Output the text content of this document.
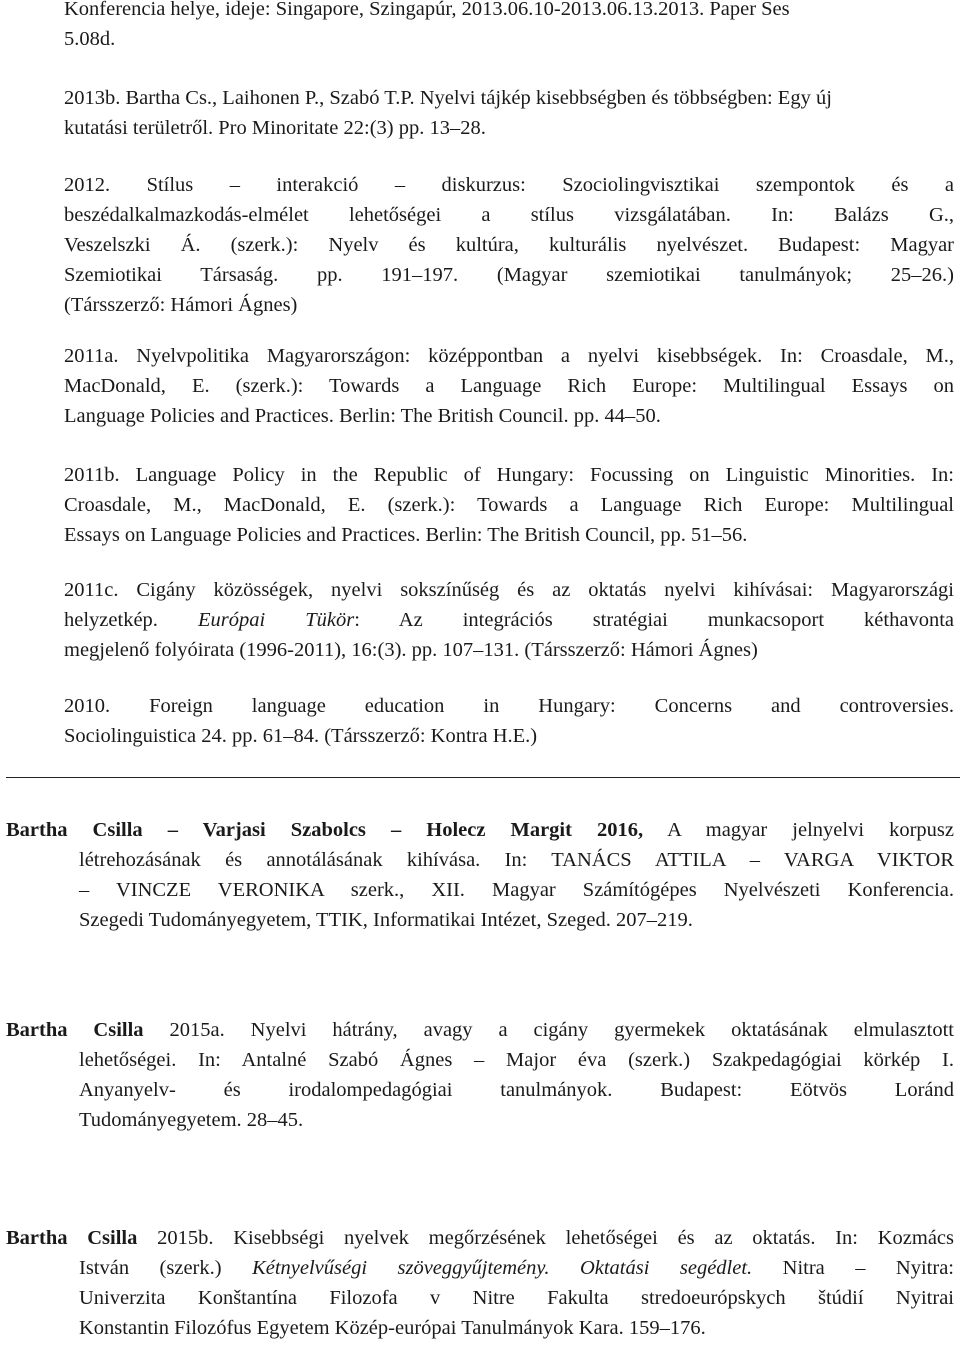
Konferencia helye, ideje: Singapore, Szingapúr, 2013.06.10-2013.06.13.2013. Paper Ses
5.08d.
2013b. Bartha Cs., Laihonen P., Szabó T.P. Nyelvi tájkép kisebbségben és többségben: Egy új
kutatási területről. Pro Minoritate 22:(3) pp. 13–28.
2012. Stílus – interakció – diskurzus: Szociolingvisztikai szempontok és a
beszédalkalmazkodás-elmélet lehetőségei a stílus vizsgálatában. In: Balázs G.,
Veszelszki Á. (szerk.): Nyelv és kultúra, kulturális nyelvészet. Budapest: Magyar
Szemiotikai Társaság. pp. 191–197. (Magyar szemiotikai tanulmányok; 25–26.)
(Társszerző: Hámori Ágnes)
2011a. Nyelvpolitika Magyarországon: középpontban a nyelvi kisebbségek. In: Croasdale, M.,
MacDonald, E. (szerk.): Towards a Language Rich Europe: Multilingual Essays on
Language Policies and Practices. Berlin: The British Council. pp. 44–50.
2011b. Language Policy in the Republic of Hungary: Focussing on Linguistic Minorities. In:
Croasdale, M., MacDonald, E. (szerk.): Towards a Language Rich Europe: Multilingual
Essays on Language Policies and Practices. Berlin: The British Council, pp. 51–56.
2011c. Cigány közösségek, nyelvi sokszínűség és az oktatás nyelvi kihívásai: Magyarországi
helyzetkép. Európai Tükör: Az integrációs stratégiai munkacsoport kéthavonta
megjelenő folyóirata (1996-2011), 16:(3). pp. 107–131. (Társszerző: Hámori Ágnes)
2010. Foreign language education in Hungary: Concerns and controversies.
Sociolinguistica 24. pp. 61–84. (Társszerző: Kontra H.E.)
Bartha Csilla – Varjasi Szabolcs – Holecz Margit 2016, A magyar jelnyelvi korpusz
létrehozásának és annotálásának kihívása. In: TANÁCS ATTILA – VARGA VIKTOR
– VINCZE VERONIKA szerk., XII. Magyar Számítógépes Nyelvészeti Konferencia.
Szegedi Tudományegyetem, TTIK, Informatikai Intézet, Szeged. 207–219.
Bartha Csilla 2015a. Nyelvi hátrány, avagy a cigány gyermekek oktatásának elmulasztott
lehetőségei. In: Antalné Szabó Ágnes – Major éva (szerk.) Szakpedagógiai körkép I.
Anyanyelv- és irodalompedagógiai tanulmányok. Budapest: Eötvös Loránd
Tudományegyetem. 28–45.
Bartha Csilla 2015b. Kisebbségi nyelvek megőrzésének lehetőségei és az oktatás. In: Kozmács
István (szerk.) Kétnyelvűségi szöveggyűjtemény. Oktatási segédlet. Nitra – Nyitra:
Univerzita Konštantína Filozofa v Nitre Fakulta stredoeurópskych štúdií Nyitrai
Konstantin Filozófus Egyetem Közép-európai Tanulmányok Kara. 159–176.
